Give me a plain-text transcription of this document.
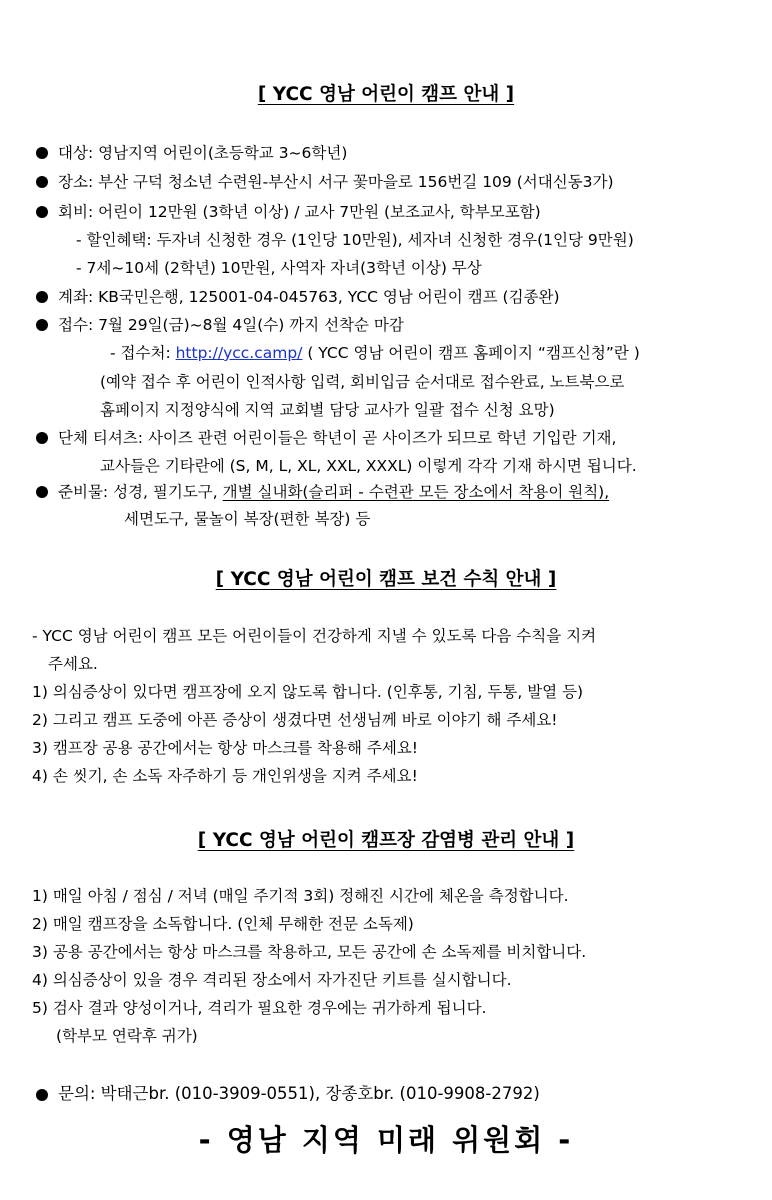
[ YCC 영남 어린이 캠프 안내 ]
대상: 영남지역 어린이(초등학교 3~6학년)
장소: 부산 구덕 청소년 수련원-부산시 서구 꽃마을로 156번길 109 (서대신동3가)
회비: 어린이 12만원 (3학년 이상) / 교사 7만원 (보조교사, 학부모포함)
- 할인혜택: 두자녀 신청한 경우 (1인당 10만원), 세자녀 신청한 경우(1인당 9만원)
- 7세~10세 (2학년) 10만원, 사역자 자녀(3학년 이상) 무상
계좌: KB국민은행, 125001-04-045763, YCC 영남 어린이 캠프 (김종완)
접수: 7월 29일(금)~8월 4일(수) 까지 선착순 마감
- 접수처: http://ycc.camp/ ( YCC 영남 어린이 캠프 홈페이지 “캠프신청”란 )
(예약 접수 후 어린이 인적사항 입력, 회비입금 순서대로 접수완료, 노트북으로
홈페이지 지정양식에 지역 교회별 담당 교사가 일괄 접수 신청 요망)
단체 티셔츠: 사이즈 관련 어린이들은 학년이 곧 사이즈가 되므로 학년 기입란 기재,
교사들은 기타란에 (S, M, L, XL, XXL, XXXL) 이렇게 각각 기재 하시면 됩니다.
준비물: 성경, 필기도구, 개별 실내화(슬리퍼 - 수련관 모든 장소에서 착용이 원칙),
세면도구, 물놀이 복장(편한 복장) 등
[ YCC 영남 어린이 캠프 보건 수칙 안내 ]
- YCC 영남 어린이 캠프 모든 어린이들이 건강하게 지낼 수 있도록 다음 수칙을 지켜
주세요.
1) 의심증상이 있다면 캠프장에 오지 않도록 합니다. (인후통, 기침, 두통, 발열 등)
2) 그리고 캠프 도중에 아픈 증상이 생겼다면 선생님께 바로 이야기 해 주세요!
3) 캠프장 공용 공간에서는 항상 마스크를 착용해 주세요!
4) 손 씻기, 손 소독 자주하기 등 개인위생을 지켜 주세요!
[ YCC 영남 어린이 캠프장 감염병 관리 안내 ]
1) 매일 아침 / 점심 / 저녁 (매일 주기적 3회) 정해진 시간에 체온을 측정합니다.
2) 매일 캠프장을 소독합니다. (인체 무해한 전문 소독제)
3) 공용 공간에서는 항상 마스크를 착용하고, 모든 공간에 손 소독제를 비치합니다.
4) 의심증상이 있을 경우 격리된 장소에서 자가진단 키트를 실시합니다.
5) 검사 결과 양성이거나, 격리가 필요한 경우에는 귀가하게 됩니다.
(학부모 연락후 귀가)
문의: 박태근br. (010-3909-0551), 장종호br. (010-9908-2792)
- 영남 지역 미래 위원회 -
